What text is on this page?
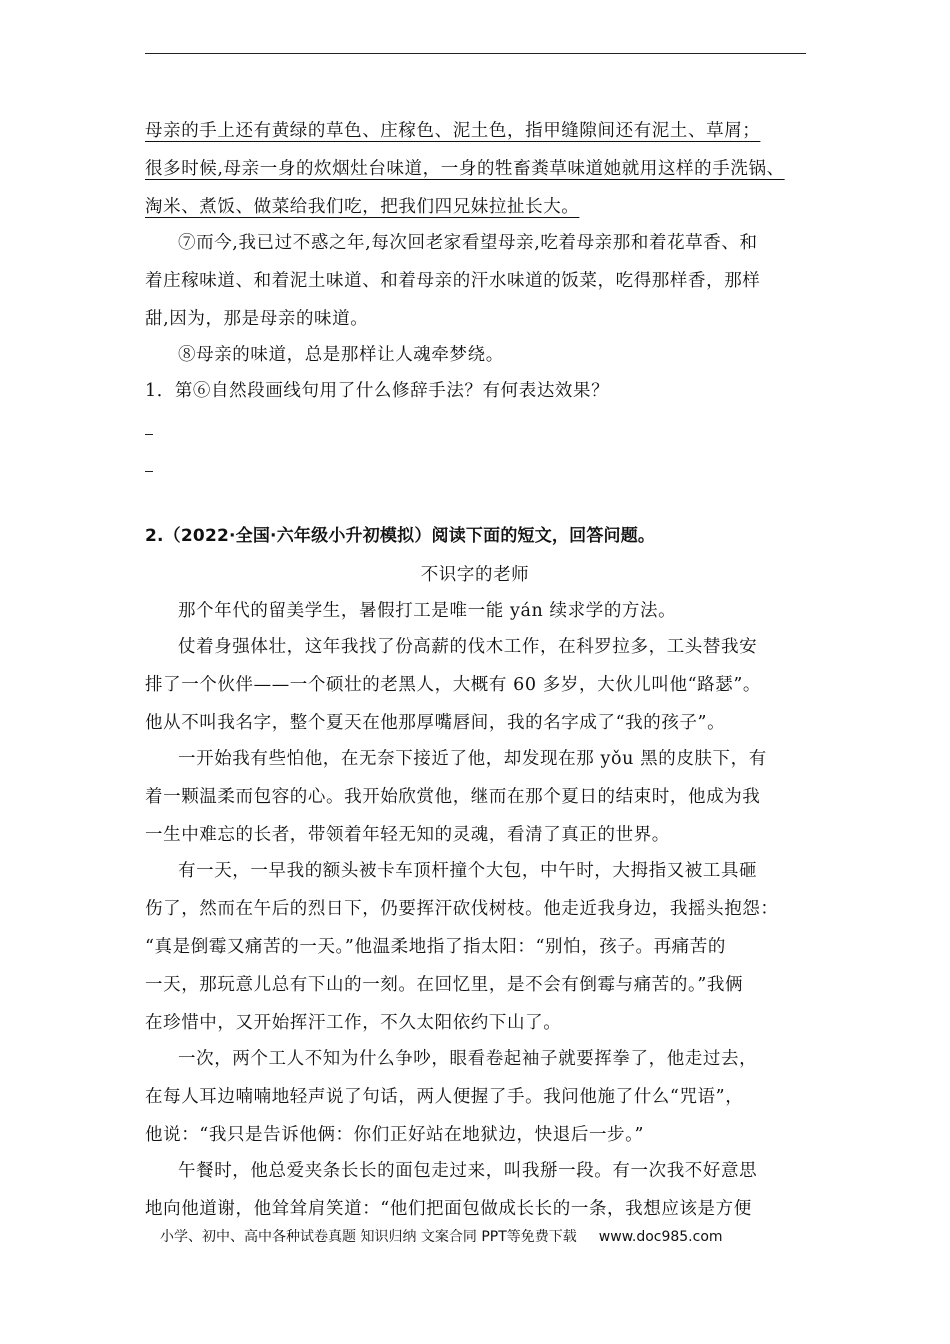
母亲的手上还有黄绿的草色、庄稼色、泥土色，指甲缝隙间还有泥土、草屑；
很多时候,母亲一身的炊烟灶台味道，一身的牲畜粪草味道她就用这样的手洗锅、
淘米、煮饭、做菜给我们吃，把我们四兄妹拉扯长大。
⑦而今,我已过不惑之年,每次回老家看望母亲,吃着母亲那和着花草香、和
着庄稼味道、和着泥土味道、和着母亲的汗水味道的饭菜，吃得那样香，那样
甜,因为，那是母亲的味道。
⑧母亲的味道，总是那样让人魂牵梦绕。
1．第⑥自然段画线句用了什么修辞手法？有何表达效果？
2.（2022·全国·六年级小升初模拟）阅读下面的短文，回答问题。
不识字的老师
那个年代的留美学生，暑假打工是唯一能 yán 续求学的方法。
仗着身强体壮，这年我找了份高薪的伐木工作，在科罗拉多，工头替我安
排了一个伙伴——一个硕壮的老黑人，大概有 60 多岁，大伙儿叫他“路瑟”。
他从不叫我名字，整个夏天在他那厚嘴唇间，我的名字成了“我的孩子”。
一开始我有些怕他，在无奈下接近了他，却发现在那 yǒu 黑的皮肤下，有
着一颗温柔而包容的心。我开始欣赏他，继而在那个夏日的结束时，他成为我
一生中难忘的长者，带领着年轻无知的灵魂，看清了真正的世界。
有一天，一早我的额头被卡车顶杆撞个大包，中午时，大拇指又被工具砸
伤了，然而在午后的烈日下，仍要挥汗砍伐树枝。他走近我身边，我摇头抱怨：
“真是倒霉又痛苦的一天。”他温柔地指了指太阳：“别怕，孩子。再痛苦的
一天，那玩意儿总有下山的一刻。在回忆里，是不会有倒霉与痛苦的。”我俩
在珍惜中，又开始挥汗工作，不久太阳依约下山了。
一次，两个工人不知为什么争吵，眼看卷起袖子就要挥拳了，他走过去，
在每人耳边喃喃地轻声说了句话，两人便握了手。我问他施了什么“咒语”，
他说：“我只是告诉他俩：你们正好站在地狱边，快退后一步。”
午餐时，他总爱夹条长长的面包走过来，叫我掰一段。有一次我不好意思
地向他道谢，他耸耸肩笑道：“他们把面包做成长长的一条，我想应该是方便
小学、初中、高中各种试卷真题 知识归纳 文案合同 PPT等免费下载 www.doc985.com
